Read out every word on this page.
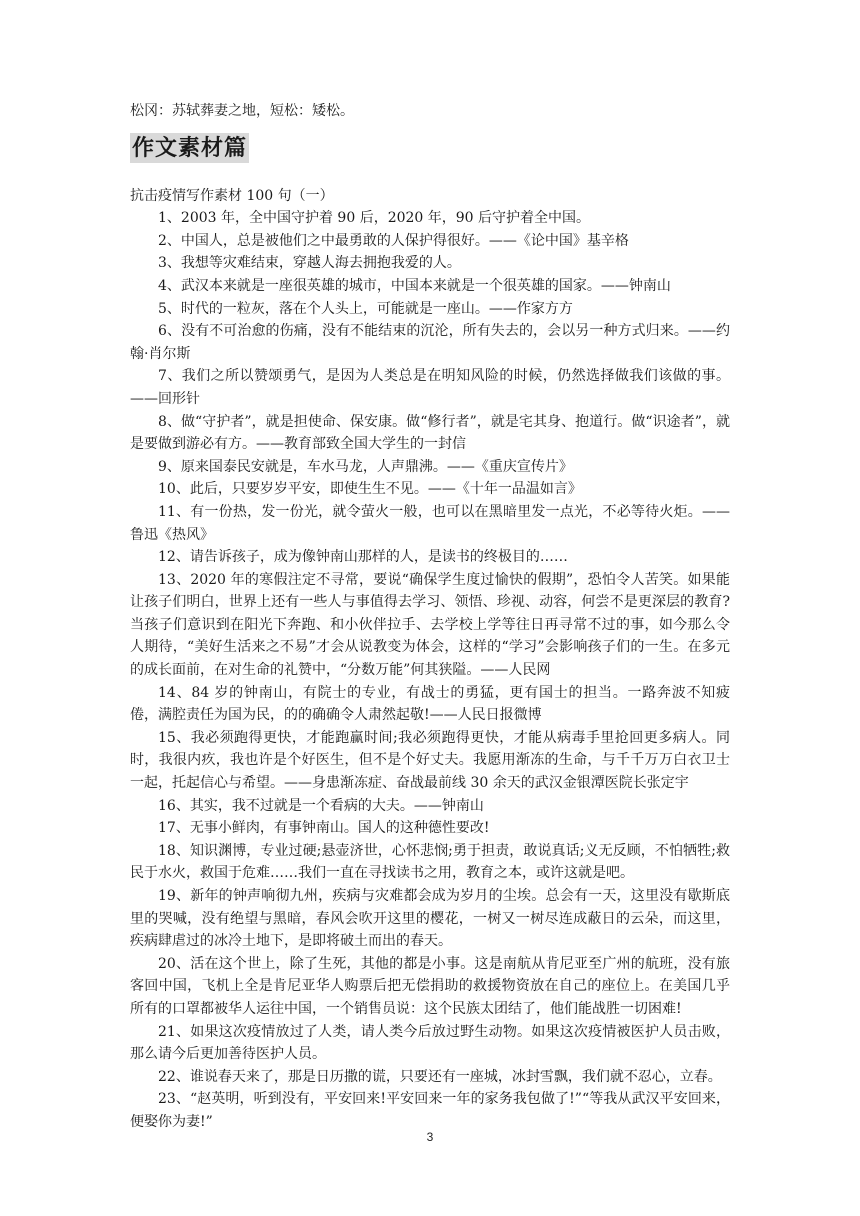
松冈：苏轼葬妻之地，短松：矮松。

作文素材篇

抗击疫情写作素材 100 句（一）

1、2003 年，全中国守护着 90 后，2020 年，90 后守护着全中国。

2、中国人，总是被他们之中最勇敢的人保护得很好。——《论中国》基辛格

3、我想等灾难结束，穿越人海去拥抱我爱的人。

4、武汉本来就是一座很英雄的城市，中国本来就是一个很英雄的国家。——钟南山

5、时代的一粒灰，落在个人头上，可能就是一座山。——作家方方

6、没有不可治愈的伤痛，没有不能结束的沉沦，所有失去的，会以另一种方式归来。——约翰·肖尔斯

7、我们之所以赞颂勇气，是因为人类总是在明知风险的时候，仍然选择做我们该做的事。——回形针

8、做“守护者”，就是担使命、保安康。做“修行者”，就是宅其身、抱道行。做“识途者”，就是要做到游必有方。——教育部致全国大学生的一封信

9、原来国泰民安就是，车水马龙，人声鼎沸。——《重庆宣传片》

10、此后，只要岁岁平安，即使生生不见。——《十年一品温如言》

11、有一份热，发一份光，就令萤火一般，也可以在黑暗里发一点光，不必等待火炬。——鲁迅《热风》

12、请告诉孩子，成为像钟南山那样的人，是读书的终极目的……

13、2020 年的寒假注定不寻常，要说“确保学生度过愉快的假期”，恐怕令人苦笑。如果能让孩子们明白，世界上还有一些人与事值得去学习、领悟、珍视、动容，何尝不是更深层的教育?当孩子们意识到在阳光下奔跑、和小伙伴拉手、去学校上学等往日再寻常不过的事，如今那么令人期待，“美好生活来之不易”才会从说教变为体会，这样的“学习”会影响孩子们的一生。在多元的成长面前，在对生命的礼赞中，“分数万能”何其狭隘。——人民网

14、84 岁的钟南山，有院士的专业，有战士的勇猛，更有国士的担当。一路奔波不知疲倦，满腔责任为国为民，的的确确令人肃然起敬!——人民日报微博

15、我必须跑得更快，才能跑赢时间;我必须跑得更快，才能从病毒手里抢回更多病人。同时，我很内疚，我也许是个好医生，但不是个好丈夫。我愿用渐冻的生命，与千千万万白衣卫士一起，托起信心与希望。——身患渐冻症、奋战最前线 30 余天的武汉金银潭医院长张定宇

16、其实，我不过就是一个看病的大夫。——钟南山

17、无事小鲜肉，有事钟南山。国人的这种德性要改!

18、知识渊博，专业过硬;悬壶济世，心怀悲悯;勇于担责，敢说真话;义无反顾，不怕牺牲;救民于水火，救国于危难……我们一直在寻找读书之用，教育之本，或许这就是吧。

19、新年的钟声响彻九州，疾病与灾难都会成为岁月的尘埃。总会有一天，这里没有歇斯底里的哭喊，没有绝望与黑暗，春风会吹开这里的樱花，一树又一树尽连成蔽日的云朵，而这里，疾病肆虐过的冰冷土地下，是即将破土而出的春天。

20、活在这个世上，除了生死，其他的都是小事。这是南航从肯尼亚至广州的航班，没有旅客回中国，飞机上全是肯尼亚华人购票后把无偿捐助的救援物资放在自己的座位上。在美国几乎所有的口罩都被华人运往中国，一个销售员说：这个民族太团结了，他们能战胜一切困难!

21、如果这次疫情放过了人类，请人类今后放过野生动物。如果这次疫情被医护人员击败，那么请今后更加善待医护人员。

22、谁说春天来了，那是日历撒的谎，只要还有一座城，冰封雪飘，我们就不忍心，立春。

23、“赵英明，听到没有，平安回来!平安回来一年的家务我包做了!”“等我从武汉平安回来，便娶你为妻!”

3
